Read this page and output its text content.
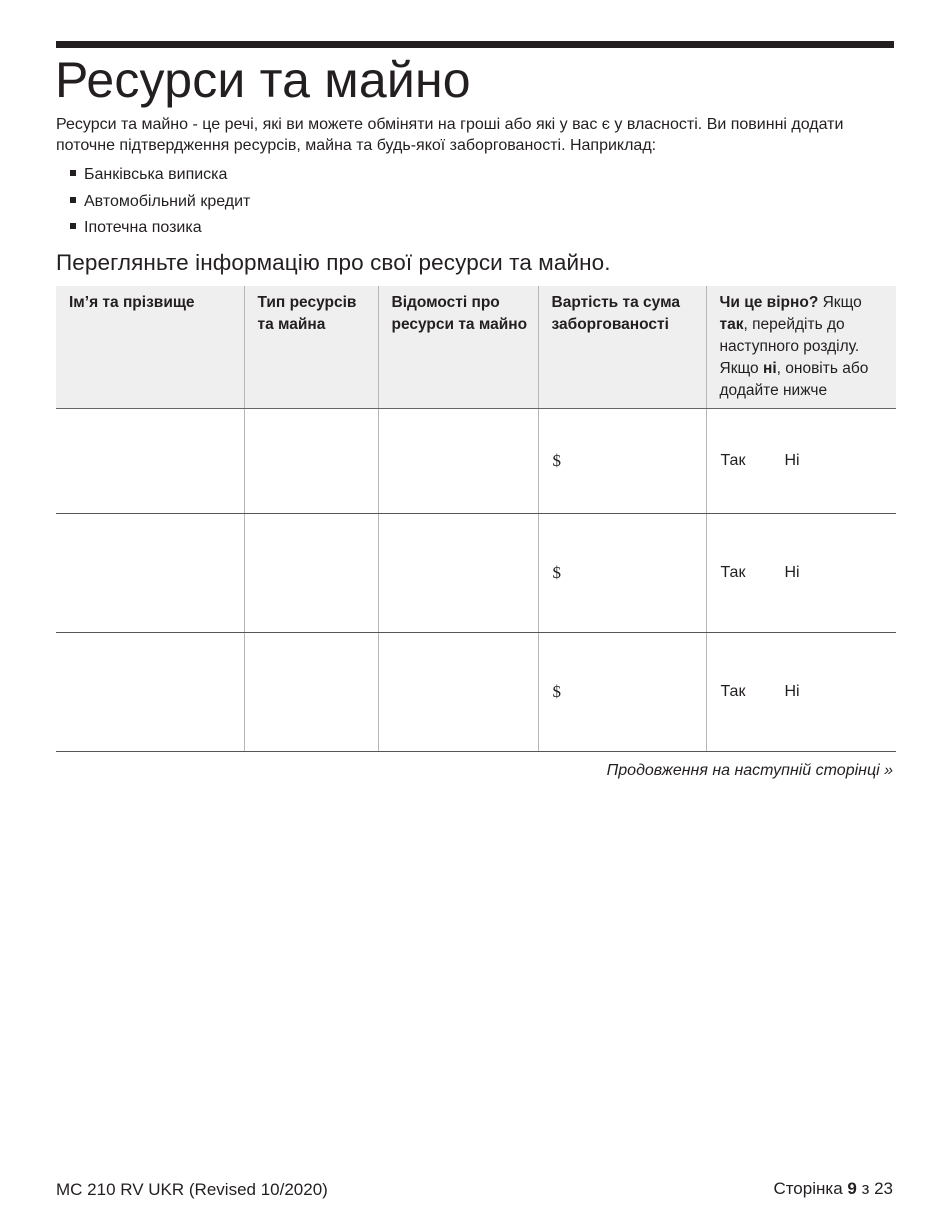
Ресурси та майно

Ресурси та майно - це речі, які ви можете обміняти на гроші або які у вас є у власності. Ви повинні додати поточне підтвердження ресурсів, майна та будь-якої заборгованості. Наприклад:

Банківська виписка
Автомобільний кредит
Іпотечна позика
Перегляньте інформацію про свої ресурси та майно.
Ім’я та прізвище	Тип ресурсів та майна	Відомості про ресурси та майно	Вартість та сума заборгованості	Чи це вірно? Якщо так, перейдіть до наступного розділу. Якщо ні, оновіть або додайте нижче
			$	Так Ні
			$	Так Ні
			$	Так Ні

Продовження на наступній сторінці »

MC 210 RV UKR (Revised 10/2020)	Сторінка 9 з 23
